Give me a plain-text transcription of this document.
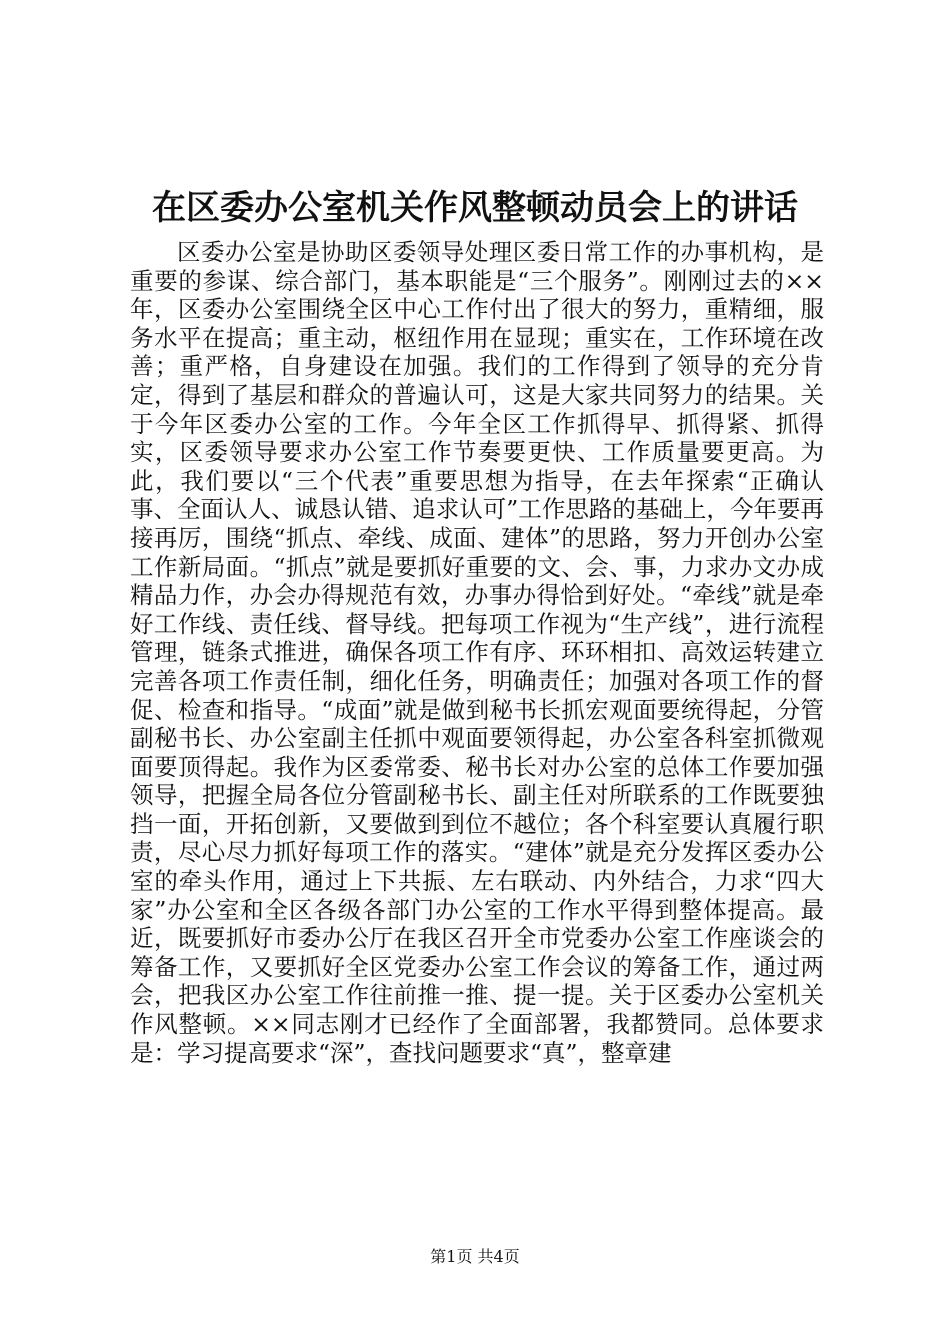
在区委办公室机关作风整顿动员会上的讲话

区委办公室是协助区委领导处理区委日常工作的办事机构，是重要的参谋、综合部门，基本职能是“三个服务”。刚刚过去的××年，区委办公室围绕全区中心工作付出了很大的努力，重精细，服务水平在提高；重主动，枢纽作用在显现；重实在，工作环境在改善；重严格，自身建设在加强。我们的工作得到了领导的充分肯定，得到了基层和群众的普遍认可，这是大家共同努力的结果。关于今年区委办公室的工作。今年全区工作抓得早、抓得紧、抓得实，区委领导要求办公室工作节奏要更快、工作质量要更高。为此，我们要以“三个代表”重要思想为指导，在去年探索“正确认事、全面认人、诚恳认错、追求认可”工作思路的基础上，今年要再接再厉，围绕“抓点、牵线、成面、建体”的思路，努力开创办公室工作新局面。“抓点”就是要抓好重要的文、会、事，力求办文办成精品力作，办会办得规范有效，办事办得恰到好处。“牵线”就是牵好工作线、责任线、督导线。把每项工作视为“生产线”，进行流程管理，链条式推进，确保各项工作有序、环环相扣、高效运转建立完善各项工作责任制，细化任务，明确责任；加强对各项工作的督促、检查和指导。“成面”就是做到秘书长抓宏观面要统得起，分管副秘书长、办公室副主任抓中观面要领得起，办公室各科室抓微观面要顶得起。我作为区委常委、秘书长对办公室的总体工作要加强领导，把握全局各位分管副秘书长、副主任对所联系的工作既要独挡一面，开拓创新，又要做到到位不越位；各个科室要认真履行职责，尽心尽力抓好每项工作的落实。“建体”就是充分发挥区委办公室的牵头作用，通过上下共振、左右联动、内外结合，力求“四大家”办公室和全区各级各部门办公室的工作水平得到整体提高。最近，既要抓好市委办公厅在我区召开全市党委办公室工作座谈会的筹备工作，又要抓好全区党委办公室工作会议的筹备工作，通过两会，把我区办公室工作往前推一推、提一提。关于区委办公室机关作风整顿。××同志刚才已经作了全面部署，我都赞同。总体要求是：学习提高要求“深”，查找问题要求“真”，整章建

第1页 共4页
